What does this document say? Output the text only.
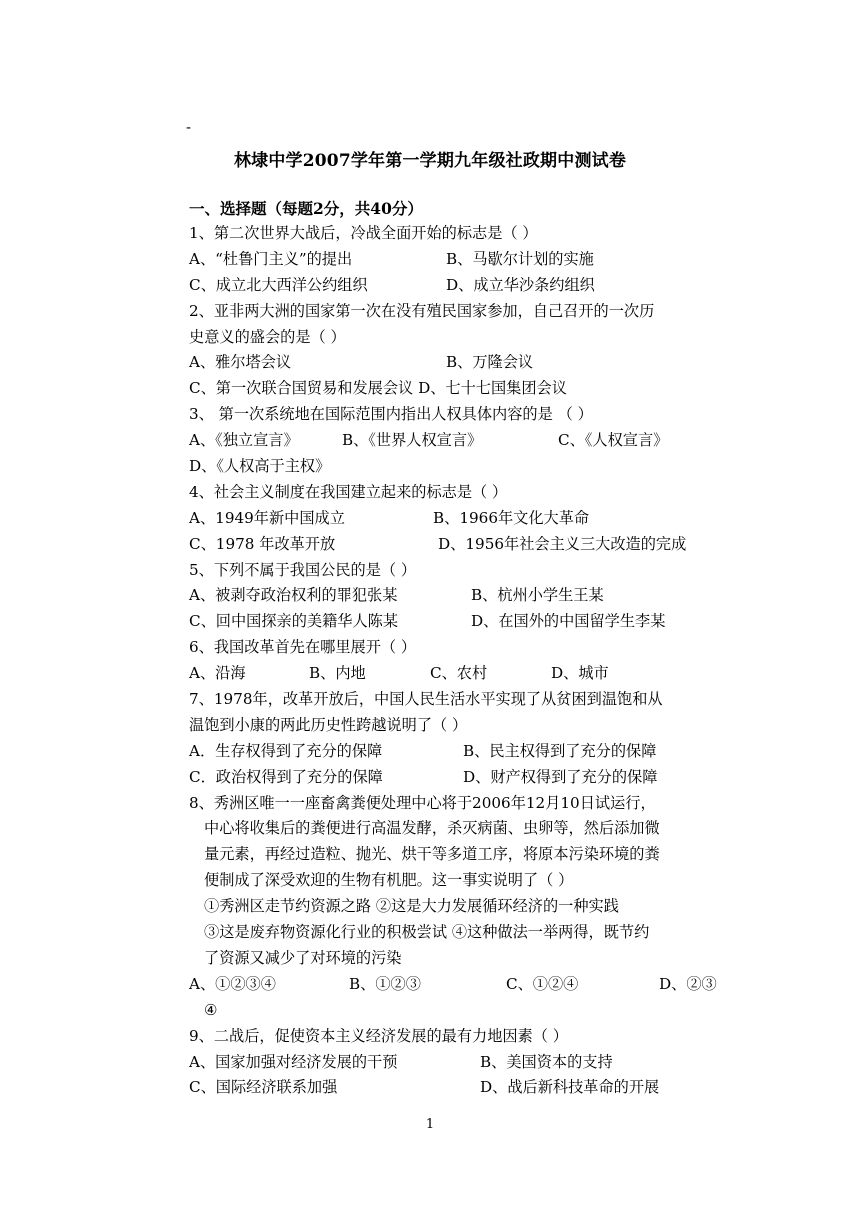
-
林埭中学2007学年第一学期九年级社政期中测试卷
一、选择题（每题2分，共40分）
1、第二次世界大战后，冷战全面开始的标志是（ ）
A、“杜鲁门主义”的提出	B、马歇尔计划的实施
C、成立北大西洋公约组织	D、成立华沙条约组织
2、亚非两大洲的国家第一次在没有殖民国家参加，自己召开的一次历
史意义的盛会的是（ ）
A、雅尔塔会议	B、万隆会议
C、第一次联合国贸易和发展会议 D、七十七国集团会议
3、 第一次系统地在国际范围内指出人权具体内容的是 （ ）
A、《独立宣言》	B、《世界人权宣言》	C、《人权宣言》
D、《人权高于主权》
4、社会主义制度在我国建立起来的标志是（ ）
A、1949年新中国成立	B、1966年文化大革命
C、1978 年改革开放	D、1956年社会主义三大改造的完成
5、下列不属于我国公民的是（ ）
A、被剥夺政治权利的罪犯张某	B、杭州小学生王某
C、回中国探亲的美籍华人陈某	D、在国外的中国留学生李某
6、我国改革首先在哪里展开（ ）
A、沿海	B、内地	C、农村	D、城市
7、1978年，改革开放后，中国人民生活水平实现了从贫困到温饱和从
温饱到小康的两此历史性跨越说明了（ ）
A．生存权得到了充分的保障	B、民主权得到了充分的保障
C．政治权得到了充分的保障	D、财产权得到了充分的保障
8、秀洲区唯一一座畜禽粪便处理中心将于2006年12月10日试运行，
中心将收集后的粪便进行高温发酵，杀灭病菌、虫卵等，然后添加微
量元素，再经过造粒、抛光、烘干等多道工序，将原本污染环境的粪
便制成了深受欢迎的生物有机肥。这一事实说明了（ ）
①秀洲区走节约资源之路 ②这是大力发展循环经济的一种实践
③这是废弃物资源化行业的积极尝试 ④这种做法一举两得，既节约
了资源又减少了对环境的污染
A、①②③④	B、①②③	C、①②④	D、②③
④
9、二战后，促使资本主义经济发展的最有力地因素（ ）
A、国家加强对经济发展的干预	B、美国资本的支持
C、国际经济联系加强	D、战后新科技革命的开展
1
